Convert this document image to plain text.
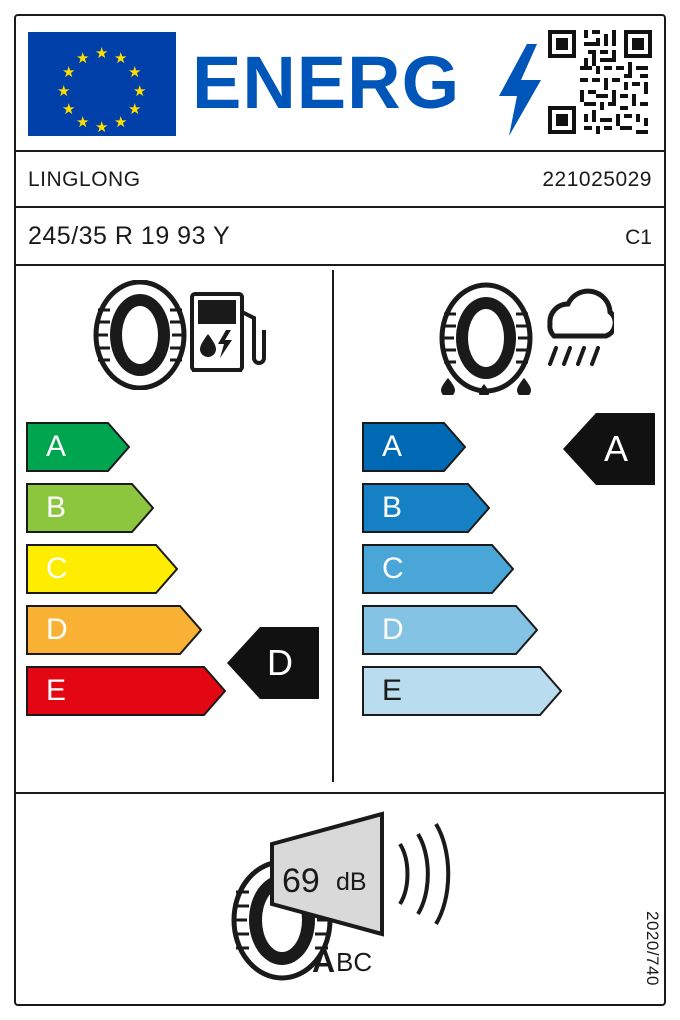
★
★ ★
★	★
★	★
★	★
★ ★
★
ENERG
LINGLONG	221025029
245/35 R 19 93 Y	C1
A
B
C
D
E
D
A
B
C
D
E
A
69 dB
A BC	2020/740
